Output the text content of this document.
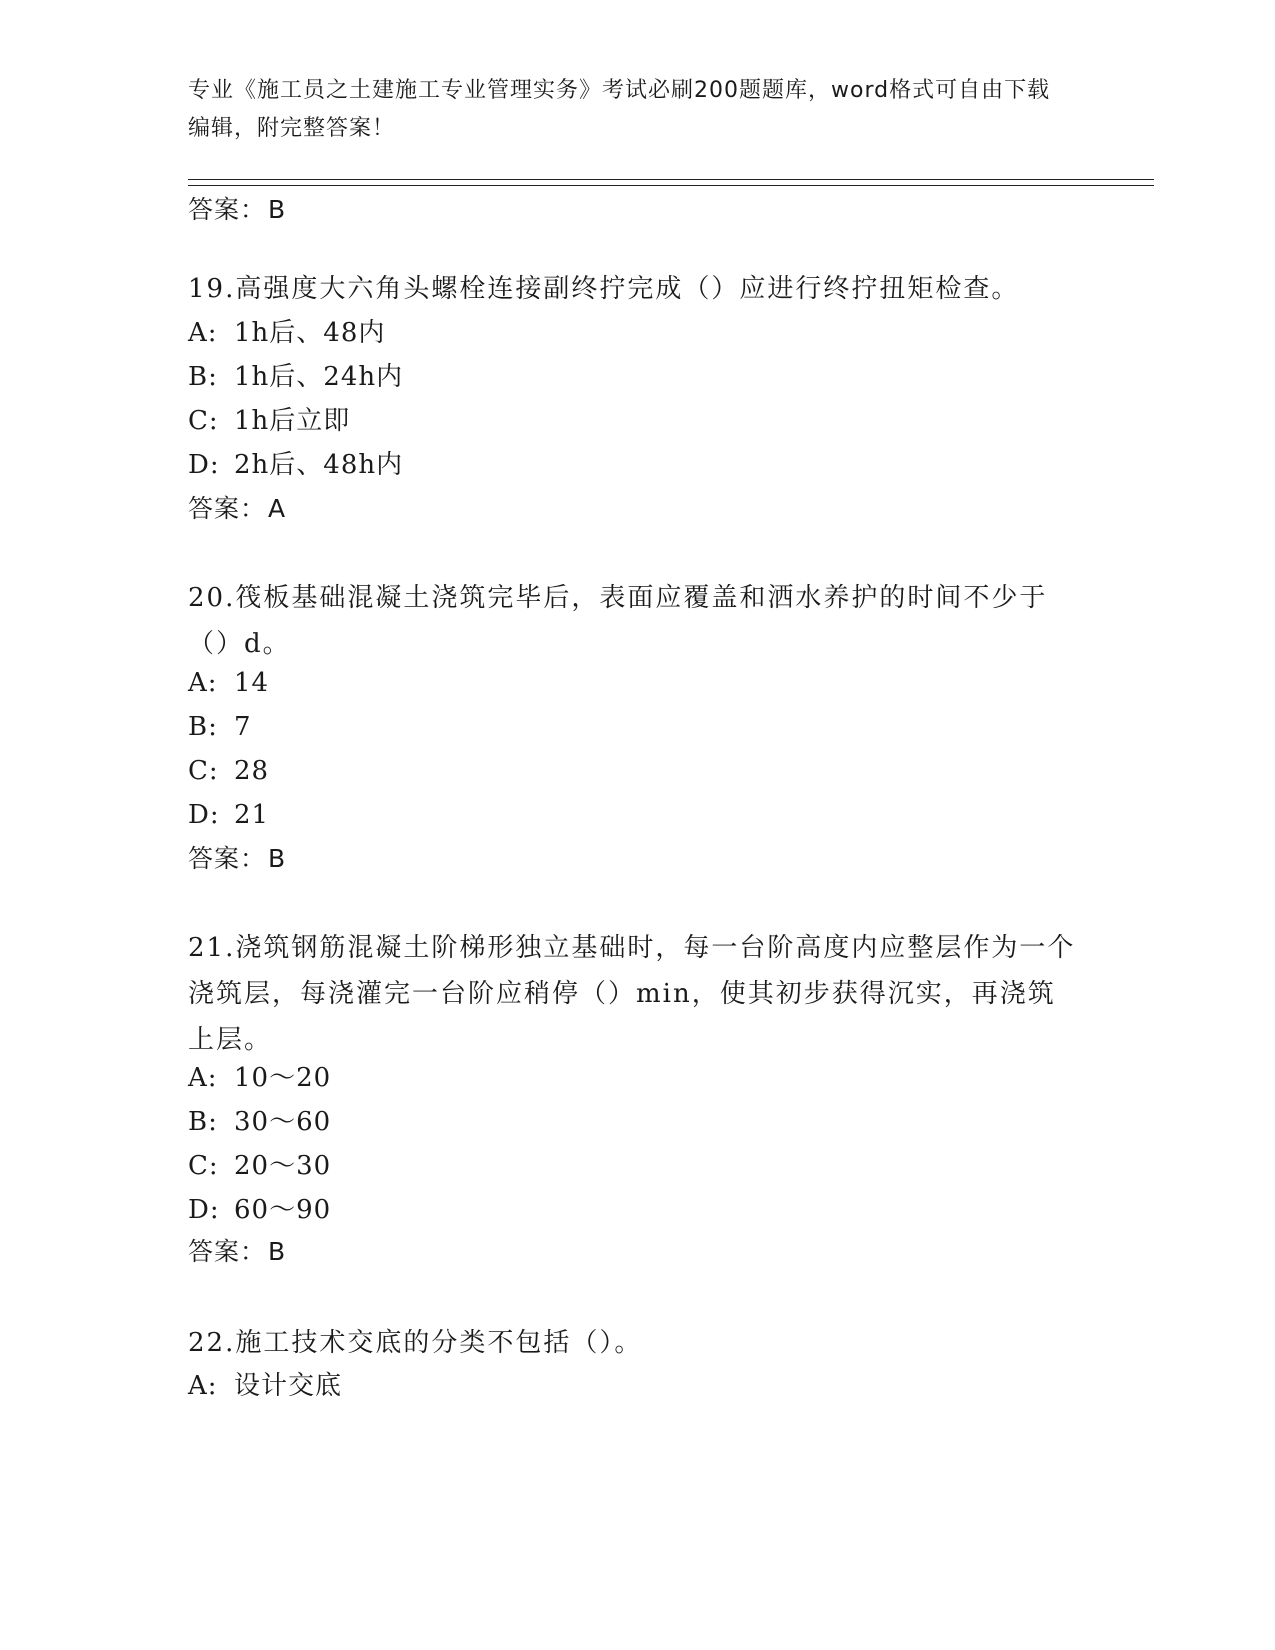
专业《施工员之土建施工专业管理实务》考试必刷200题题库，word格式可自由下载编辑，附完整答案！
答案：B
19.高强度大六角头螺栓连接副终拧完成（）应进行终拧扭矩检查。
A: 1h后、48内
B: 1h后、24h内
C: 1h后立即
D: 2h后、48h内
答案：A
20.筏板基础混凝土浇筑完毕后，表面应覆盖和洒水养护的时间不少于（）d。
A: 14
B: 7
C: 28
D: 21
答案：B
21.浇筑钢筋混凝土阶梯形独立基础时，每一台阶高度内应整层作为一个浇筑层，每浇灌完一台阶应稍停（）min，使其初步获得沉实，再浇筑上层。
A: 10～20
B: 30～60
C: 20～30
D: 60～90
答案：B
22.施工技术交底的分类不包括（）。
A: 设计交底
